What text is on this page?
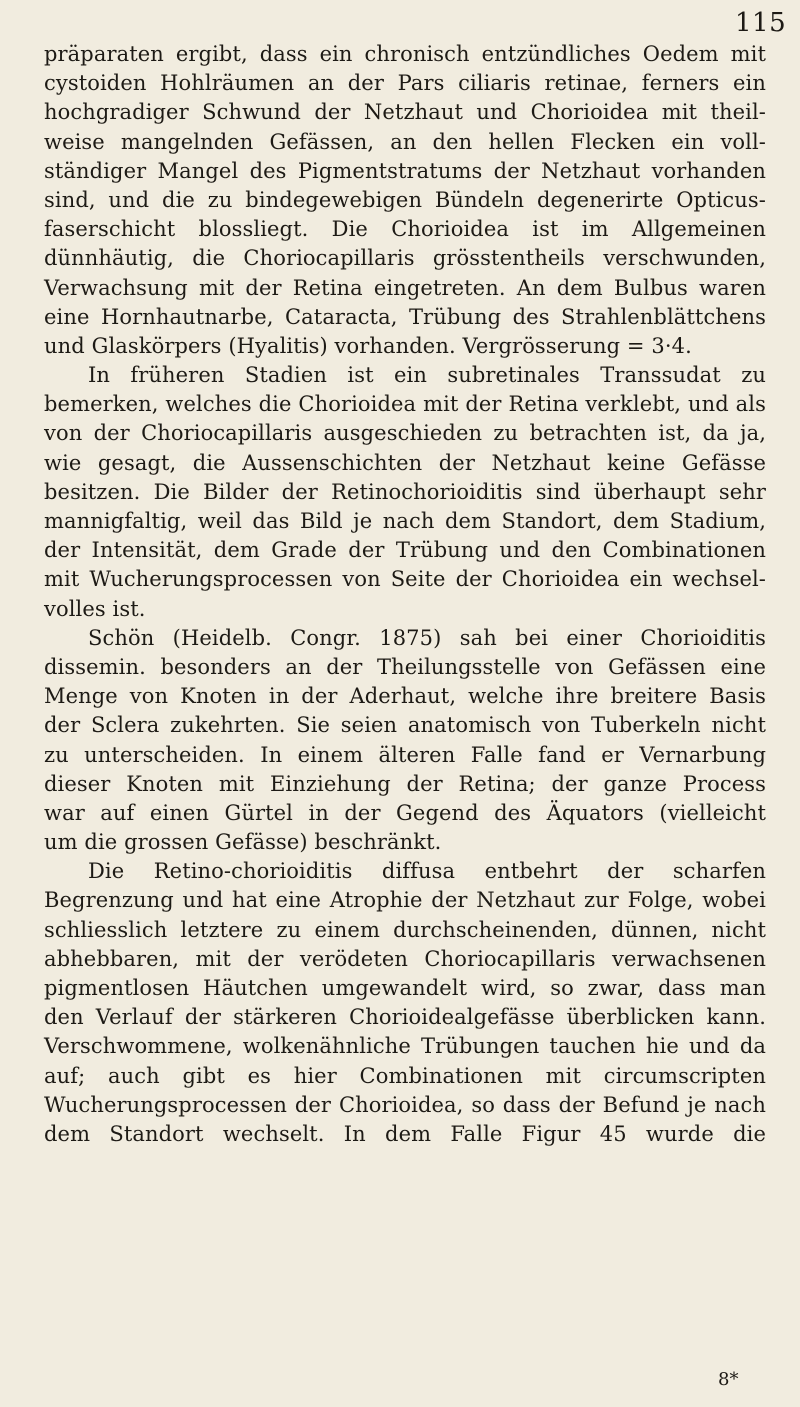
115
präparaten ergibt, dass ein chronisch entzündliches Oedem mit
cystoiden Hohlräumen an der Pars ciliaris retinae, ferners ein
hochgradiger Schwund der Netzhaut und Chorioidea mit theil-
weise mangelnden Gefässen, an den hellen Flecken ein voll-
ständiger Mangel des Pigmentstratums der Netzhaut vorhanden
sind, und die zu bindegewebigen Bündeln degenerirte Opticus-
faserschicht blossliegt. Die Chorioidea ist im Allgemeinen
dünnhäutig, die Choriocapillaris grösstentheils verschwunden,
Verwachsung mit der Retina eingetreten. An dem Bulbus waren
eine Hornhautnarbe, Cataracta, Trübung des Strahlenblättchens
und Glaskörpers (Hyalitis) vorhanden. Vergrösserung = 3·4.
In früheren Stadien ist ein subretinales Transsudat zu
bemerken, welches die Chorioidea mit der Retina verklebt, und als
von der Choriocapillaris ausgeschieden zu betrachten ist, da ja,
wie gesagt, die Aussenschichten der Netzhaut keine Gefässe
besitzen. Die Bilder der Retinochorioiditis sind überhaupt sehr
mannigfaltig, weil das Bild je nach dem Standort, dem Stadium,
der Intensität, dem Grade der Trübung und den Combinationen
mit Wucherungsprocessen von Seite der Chorioidea ein wechsel-
volles ist.
Schön (Heidelb. Congr. 1875) sah bei einer Chorioiditis
dissemin. besonders an der Theilungsstelle von Gefässen eine
Menge von Knoten in der Aderhaut, welche ihre breitere Basis
der Sclera zukehrten. Sie seien anatomisch von Tuberkeln nicht
zu unterscheiden. In einem älteren Falle fand er Vernarbung
dieser Knoten mit Einziehung der Retina; der ganze Process
war auf einen Gürtel in der Gegend des Äquators (vielleicht
um die grossen Gefässe) beschränkt.
Die Retino-chorioiditis diffusa entbehrt der scharfen
Begrenzung und hat eine Atrophie der Netzhaut zur Folge, wobei
schliesslich letztere zu einem durchscheinenden, dünnen, nicht
abhebbaren, mit der verödeten Choriocapillaris verwachsenen
pigmentlosen Häutchen umgewandelt wird, so zwar, dass man
den Verlauf der stärkeren Chorioidealgefässe überblicken kann.
Verschwommene, wolkenähnliche Trübungen tauchen hie und da
auf; auch gibt es hier Combinationen mit circumscripten
Wucherungsprocessen der Chorioidea, so dass der Befund je nach
dem Standort wechselt. In dem Falle Figur 45 wurde die
8*
